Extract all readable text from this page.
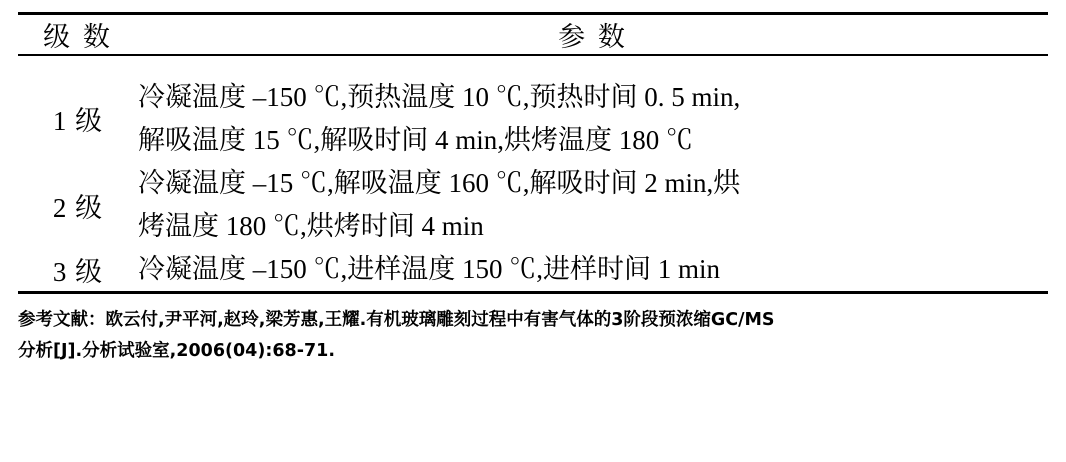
级 数	参 数
1 级	冷凝温度 –150 ℃,预热温度 10 ℃,预热时间 0. 5 min,
解吸温度 15 ℃,解吸时间 4 min,烘烤温度 180 ℃

2 级	冷凝温度 –15 ℃,解吸温度 160 ℃,解吸时间 2 min,烘
烤温度 180 ℃,烘烤时间 4 min

3 级	冷凝温度 –150 ℃,进样温度 150 ℃,进样时间 1 min
参考文献：欧云付,尹平河,赵玲,梁芳惠,王耀.有机玻璃雕刻过程中有害气体的3阶段预浓缩GC/MS
分析[J].分析试验室,2006(04):68-71.
